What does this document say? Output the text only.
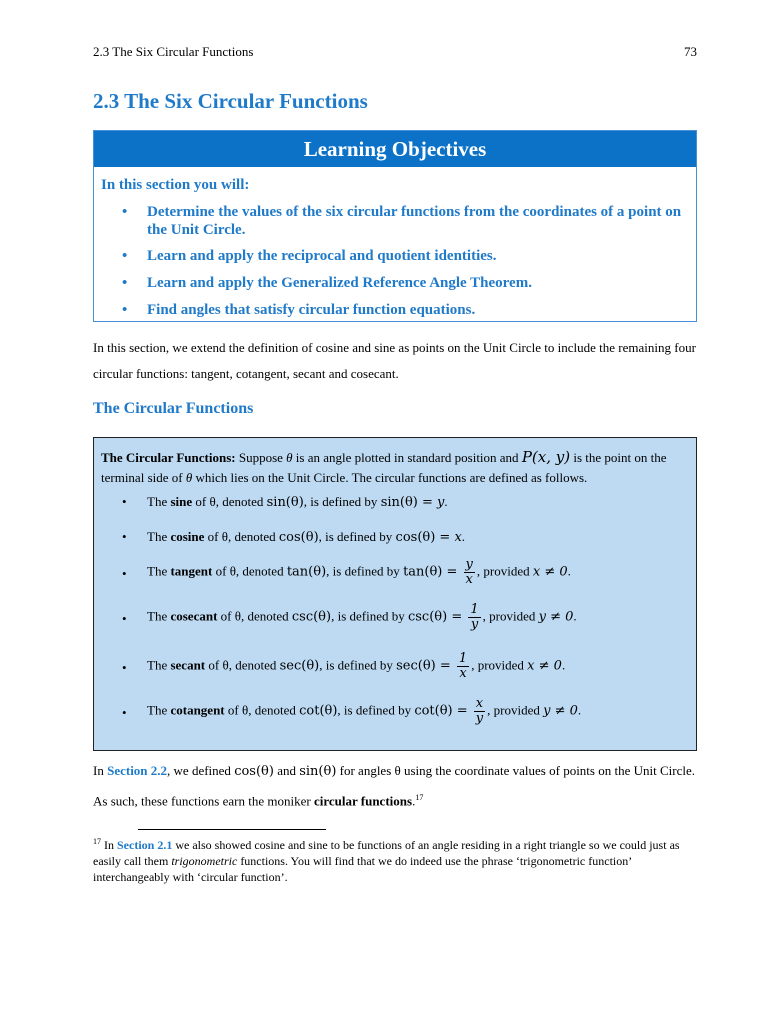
2.3 The Six Circular Functions	73
2.3 The Six Circular Functions
Learning Objectives
In this section you will:
• Determine the values of the six circular functions from the coordinates of a point on the Unit Circle.
• Learn and apply the reciprocal and quotient identities.
• Learn and apply the Generalized Reference Angle Theorem.
• Find angles that satisfy circular function equations.
In this section, we extend the definition of cosine and sine as points on the Unit Circle to include the remaining four circular functions: tangent, cotangent, secant and cosecant.
The Circular Functions
The Circular Functions: Suppose θ is an angle plotted in standard position and P(x, y) is the point on the terminal side of θ which lies on the Unit Circle. The circular functions are defined as follows.
• The sine of θ, denoted sin(θ), is defined by sin(θ) = y.
• The cosine of θ, denoted cos(θ), is defined by cos(θ) = x.
• The tangent of θ, denoted tan(θ), is defined by $\tan(\theta) = \frac{y}{x}$ , provided x ≠ 0.
• The cosecant of θ, denoted csc(θ), is defined by $\csc(\theta) = \frac{1}{y}$ , provided y ≠ 0.
• The secant of θ, denoted sec(θ), is defined by $\sec(\theta) = \frac{1}{x}$ , provided x ≠ 0.
• The cotangent of θ, denoted cot(θ), is defined by $\cot(\theta) = \frac{x}{y}$ , provided y ≠ 0.
In Section 2.2, we defined cos(θ) and sin(θ) for angles θ using the coordinate values of points on the Unit Circle. As such, these functions earn the moniker circular functions.$^{17}$
$^{17}$ In Section 2.1 we also showed cosine and sine to be functions of an angle residing in a right triangle so we could just as easily call them trigonometric functions. You will find that we do indeed use the phrase ‘trigonometric function’ interchangeably with ‘circular function’.
